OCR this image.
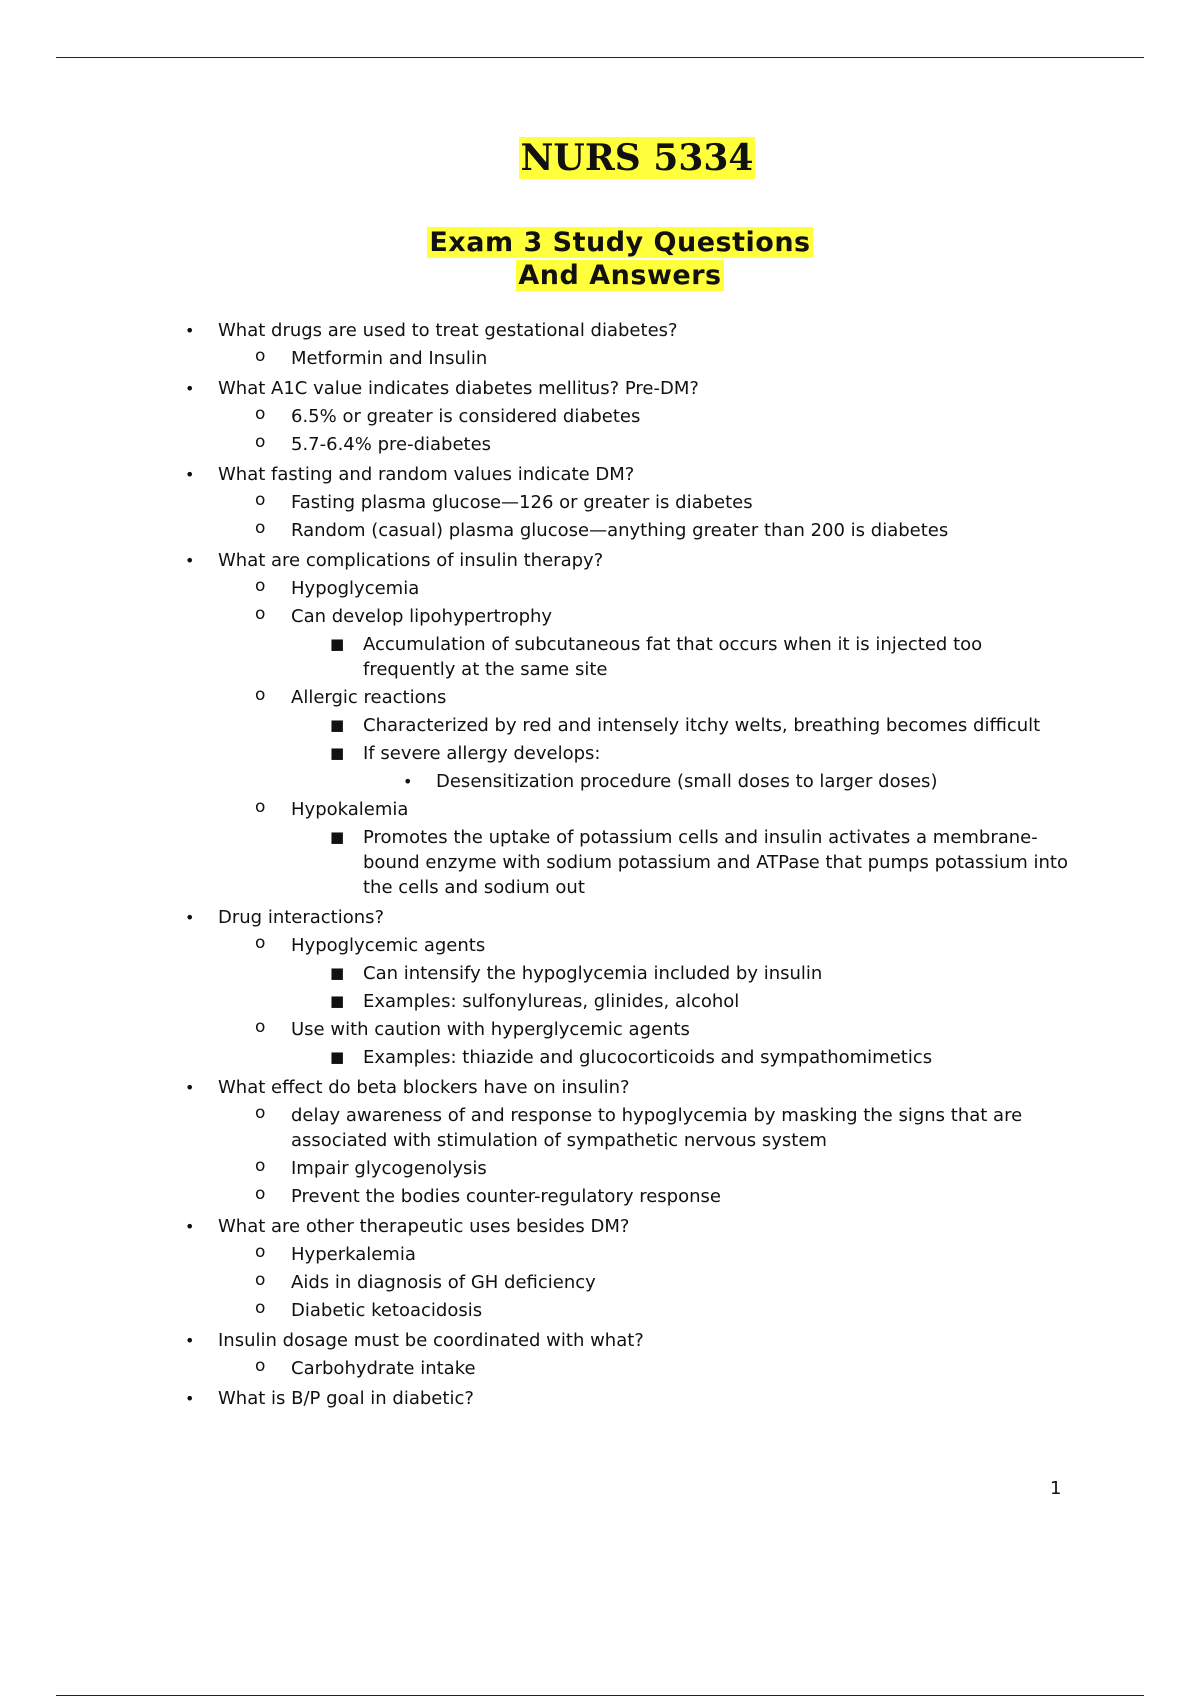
NURS 5334
Exam 3 Study Questions
And Answers
• What drugs are used to treat gestational diabetes?
o Metformin and Insulin
• What A1C value indicates diabetes mellitus? Pre-DM?
o 6.5% or greater is considered diabetes
o 5.7-6.4% pre-diabetes
• What fasting and random values indicate DM?
o Fasting plasma glucose—126 or greater is diabetes
o Random (casual) plasma glucose—anything greater than 200 is diabetes
• What are complications of insulin therapy?
o Hypoglycemia
o Can develop lipohypertrophy
■ Accumulation of subcutaneous fat that occurs when it is injected too frequently at the same site
o Allergic reactions
■ Characterized by red and intensely itchy welts, breathing becomes difficult
■ If severe allergy develops:
• Desensitization procedure (small doses to larger doses)
o Hypokalemia
■ Promotes the uptake of potassium cells and insulin activates a membrane-bound enzyme with sodium potassium and ATPase that pumps potassium into the cells and sodium out
• Drug interactions?
o Hypoglycemic agents
■ Can intensify the hypoglycemia included by insulin
■ Examples: sulfonylureas, glinides, alcohol
o Use with caution with hyperglycemic agents
■ Examples: thiazide and glucocorticoids and sympathomimetics
• What effect do beta blockers have on insulin?
o delay awareness of and response to hypoglycemia by masking the signs that are associated with stimulation of sympathetic nervous system
o Impair glycogenolysis
o Prevent the bodies counter-regulatory response
• What are other therapeutic uses besides DM?
o Hyperkalemia
o Aids in diagnosis of GH deficiency
o Diabetic ketoacidosis
• Insulin dosage must be coordinated with what?
o Carbohydrate intake
• What is B/P goal in diabetic?
1
